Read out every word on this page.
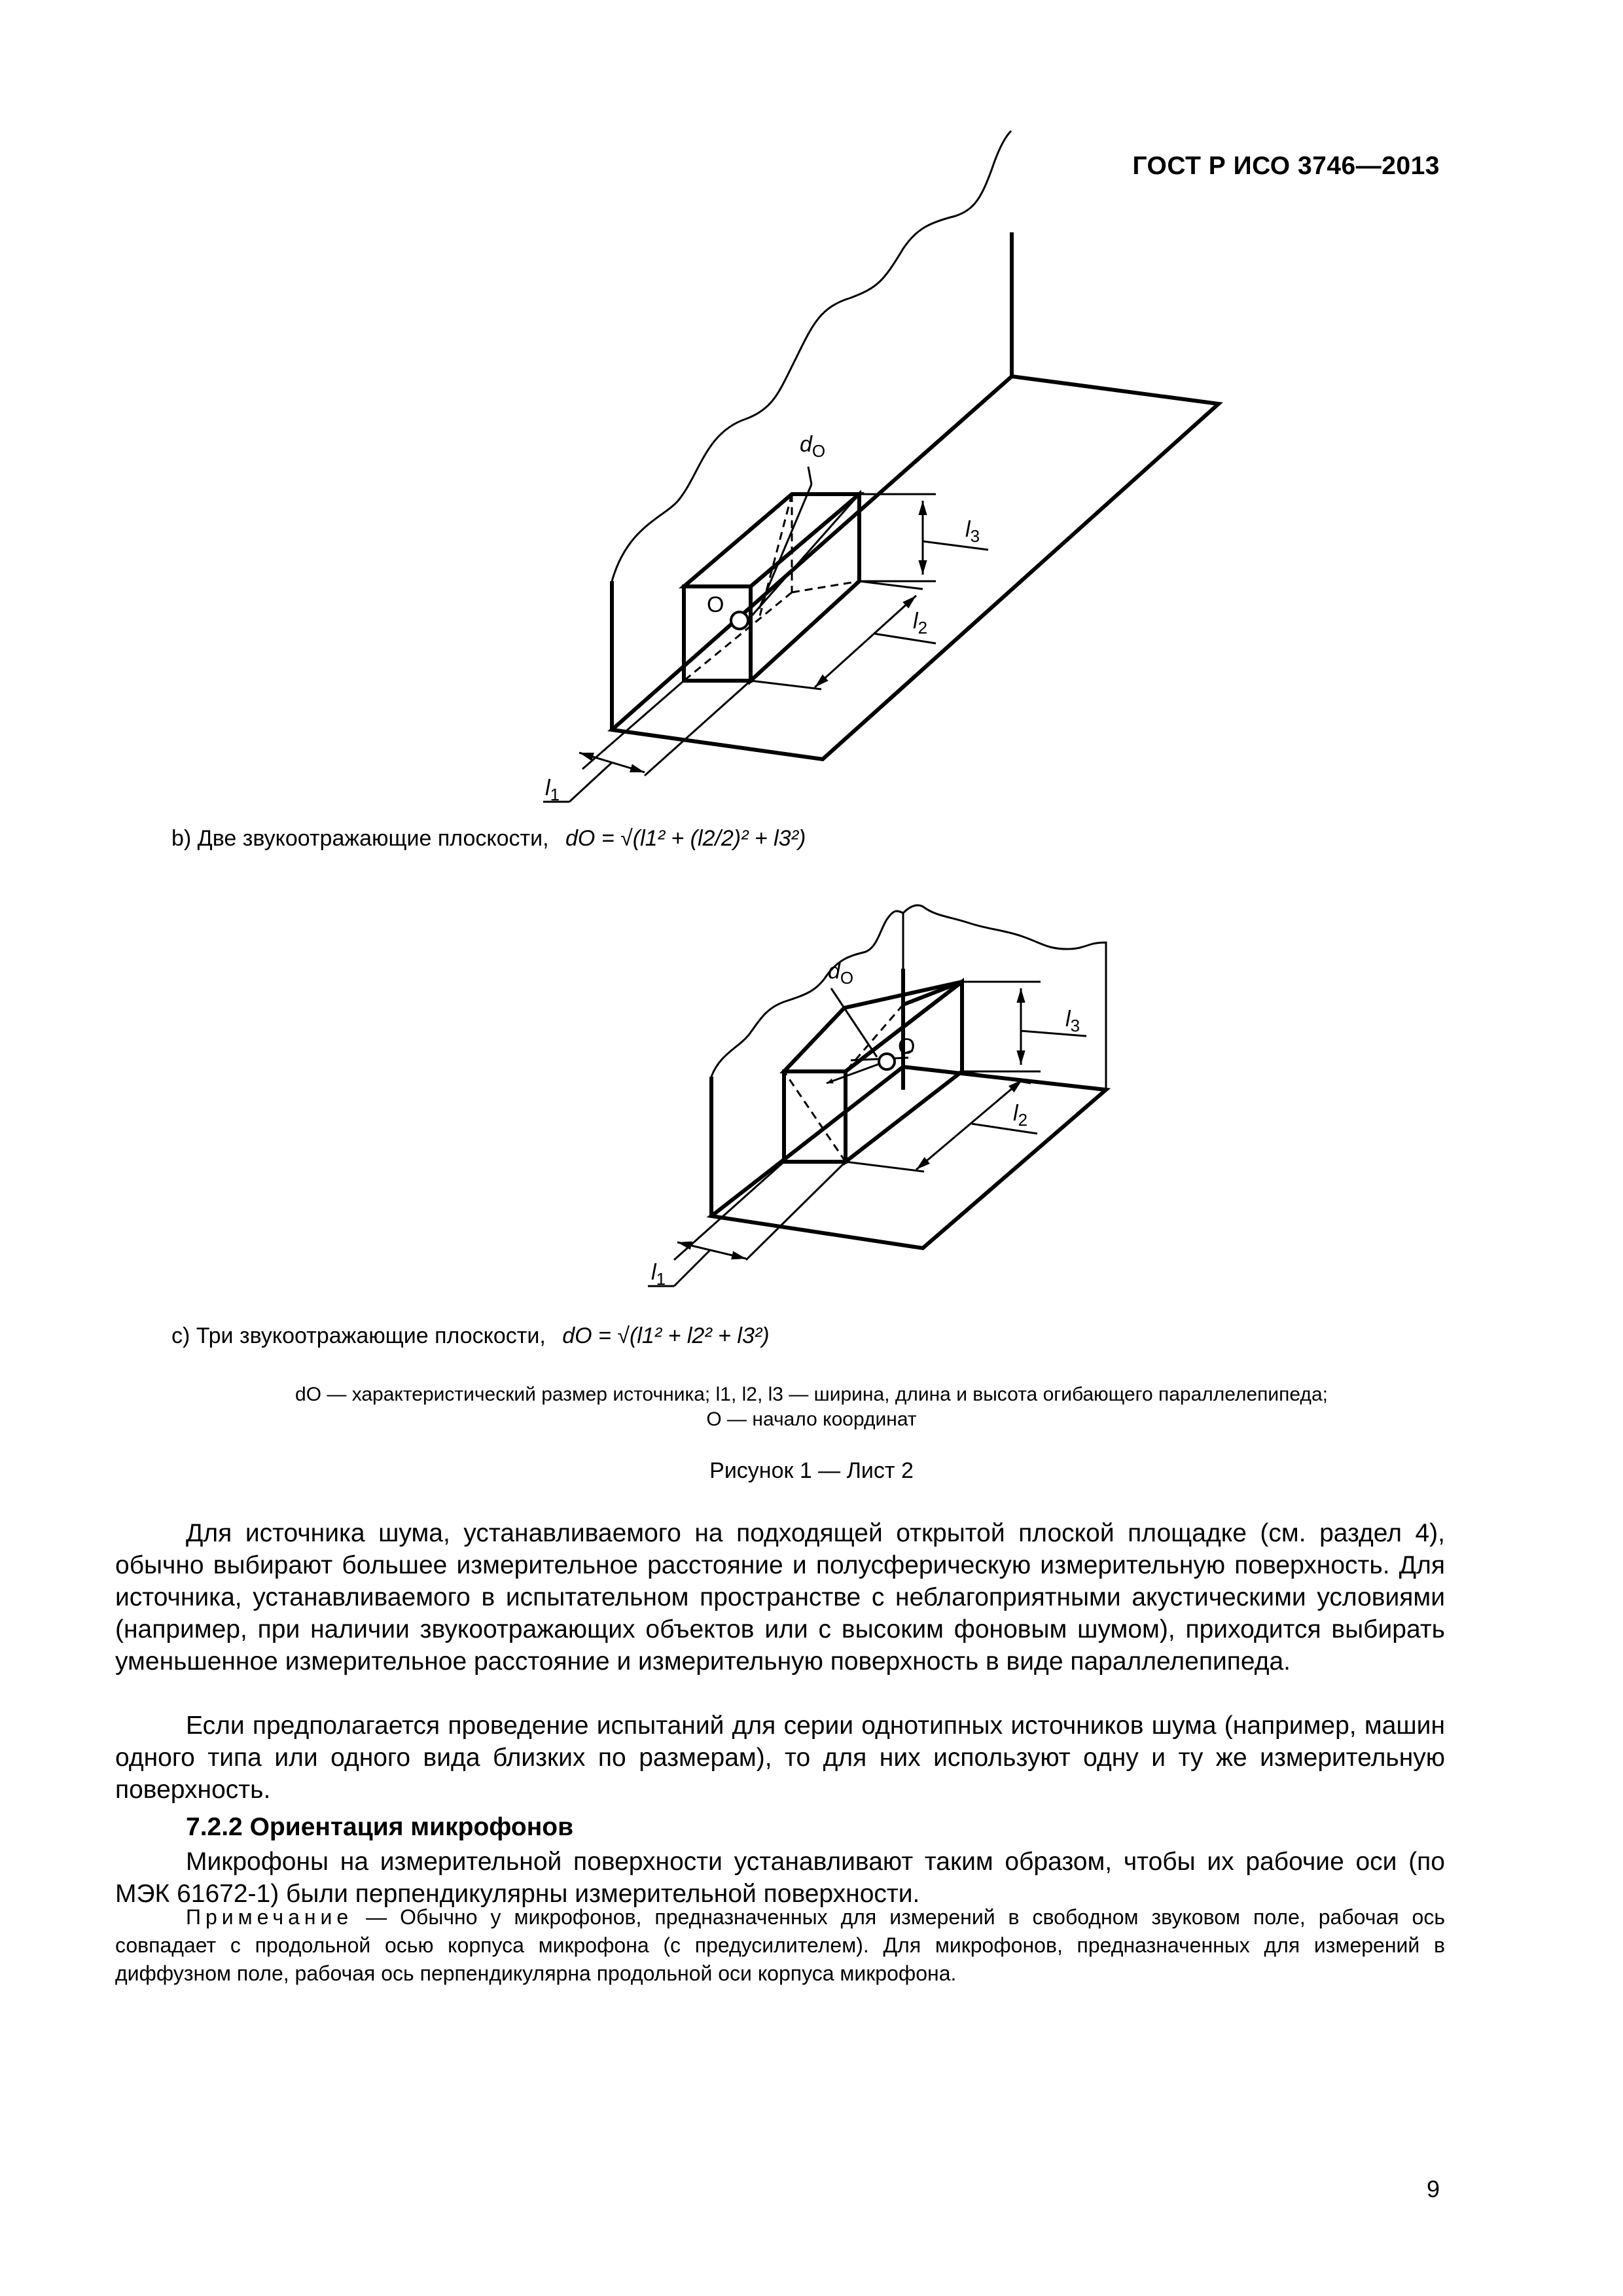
ГОСТ Р ИСО 3746—2013
$d_O$
O
$l_3$
$l_2$
$l_1$
$d_O$
O
$l_3$
$l_2$
$l_1$
b) Две звукоотражающие плоскости, dO = √(l1² + (l2/2)² + l3²)
c) Три звукоотражающие плоскости, dO = √(l1² + l2² + l3²)
dO — характеристический размер источника; l1, l2, l3 — ширина, длина и высота огибающего параллелепипеда;
О — начало координат
Рисунок 1 — Лист 2
Для источника шума, устанавливаемого на подходящей открытой плоской площадке (см. раздел 4), обычно выбирают большее измерительное расстояние и полусферическую измерительную поверхность. Для источника, устанавливаемого в испытательном пространстве с неблагоприятными акустическими условиями (например, при наличии звукоотражающих объектов или с высоким фоновым шумом), приходится выбирать уменьшенное измерительное расстояние и измерительную поверхность в виде параллелепипеда.
Если предполагается проведение испытаний для серии однотипных источников шума (например, машин одного типа или одного вида близких по размерам), то для них используют одну и ту же измерительную поверхность.
7.2.2 Ориентация микрофонов
Микрофоны на измерительной поверхности устанавливают таким образом, чтобы их рабочие оси (по МЭК 61672-1) были перпендикулярны измерительной поверхности.
Примечание — Обычно у микрофонов, предназначенных для измерений в свободном звуковом поле, рабочая ось совпадает с продольной осью корпуса микрофона (с предусилителем). Для микрофонов, предназначенных для измерений в диффузном поле, рабочая ось перпендикулярна продольной оси корпуса микрофона.
9
